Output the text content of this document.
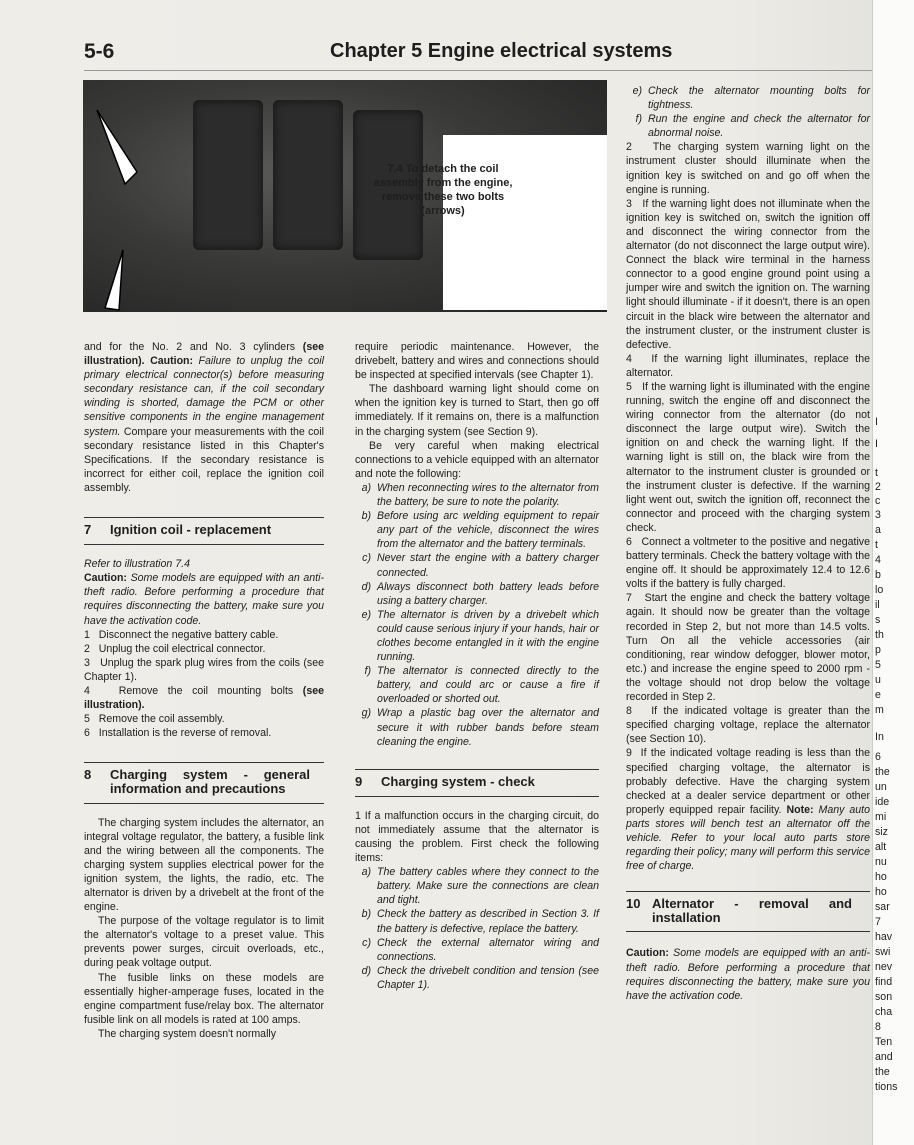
5-6	Chapter 5 Engine electrical systems
7.4 To detach the coil assembly from the engine, remove these two bolts (arrows)

and for the No. 2 and No. 3 cylinders (see illustration). Caution: Failure to unplug the coil primary electrical connector(s) before measuring secondary resistance can, if the coil secondary winding is shorted, damage the PCM or other sensitive components in the engine management system. Compare your measurements with the coil secondary resistance listed in this Chapter's Specifications. If the secondary resistance is incorrect for either coil, replace the ignition coil assembly.

7 Ignition coil - replacement

Refer to illustration 7.4

Caution: Some models are equipped with an anti-theft radio. Before performing a procedure that requires disconnecting the battery, make sure you have the activation code.

1 Disconnect the negative battery cable.

2 Unplug the coil electrical connector.

3 Unplug the spark plug wires from the coils (see Chapter 1).

4	Remove the coil mounting bolts (see illustration).

5 Remove the coil assembly.

6 Installation is the reverse of removal.

8 Charging system - general information and precautions

The charging system includes the alternator, an integral voltage regulator, the battery, a fusible link and the wiring between all the components. The charging system supplies electrical power for the ignition system, the lights, the radio, etc. The alternator is driven by a drivebelt at the front of the engine.

The purpose of the voltage regulator is to limit the alternator's voltage to a preset value. This prevents power surges, circuit overloads, etc., during peak voltage output.

The fusible links on these models are essentially higher-amperage fuses, located in the engine compartment fuse/relay box. The alternator fusible link on all models is rated at 100 amps.

The charging system doesn't normally

require periodic maintenance. However, the drivebelt, battery and wires and connections should be inspected at specified intervals (see Chapter 1).

The dashboard warning light should come on when the ignition key is turned to Start, then go off immediately. If it remains on, there is a malfunction in the charging system (see Section 9).

Be very careful when making electrical connections to a vehicle equipped with an alternator and note the following:

a) When reconnecting wires to the alternator from the battery, be sure to note the polarity.
b) Before using arc welding equipment to repair any part of the vehicle, disconnect the wires from the alternator and the battery terminals.
c) Never start the engine with a battery charger connected.
d) Always disconnect both battery leads before using a battery charger.
e) The alternator is driven by a drivebelt which could cause serious injury if your hands, hair or clothes become entangled in it with the engine running.
f) The alternator is connected directly to the battery, and could arc or cause a fire if overloaded or shorted out.
g) Wrap a plastic bag over the alternator and secure it with rubber bands before steam cleaning the engine.
9 Charging system - check

1 If a malfunction occurs in the charging circuit, do not immediately assume that the alternator is causing the problem. First check the following items:

a) The battery cables where they connect to the battery. Make sure the connections are clean and tight.
b) Check the battery as described in Section 3. If the battery is defective, replace the battery.
c) Check the external alternator wiring and connections.
d) Check the drivebelt condition and tension (see Chapter 1).
e) Check the alternator mounting bolts for tightness.
f) Run the engine and check the alternator for abnormal noise.

2 The charging system warning light on the instrument cluster should illuminate when the ignition key is switched on and go off when the engine is running.

3 If the warning light does not illuminate when the ignition key is switched on, switch the ignition off and disconnect the wiring connector from the alternator (do not disconnect the large output wire). Connect the black wire terminal in the harness connector to a good engine ground point using a jumper wire and switch the ignition on. The warning light should illuminate - if it doesn't, there is an open circuit in the black wire between the alternator and the instrument cluster, or the instrument cluster is defective.

4 If the warning light illuminates, replace the alternator.

5 If the warning light is illuminated with the engine running, switch the engine off and disconnect the wiring connector from the alternator (do not disconnect the large output wire). Switch the ignition on and check the warning light. If the warning light is still on, the black wire from the alternator to the instrument cluster is grounded or the instrument cluster is defective. If the warning light went out, switch the ignition off, reconnect the connector and proceed with the charging system check.

6 Connect a voltmeter to the positive and negative battery terminals. Check the battery voltage with the engine off. It should be approximately 12.4 to 12.6 volts if the battery is fully charged.

7 Start the engine and check the battery voltage again. It should now be greater than the voltage recorded in Step 2, but not more than 14.5 volts. Turn On all the vehicle accessories (air conditioning, rear window defogger, blower motor, etc.) and increase the engine speed to 2000 rpm - the voltage should not drop below the voltage recorded in Step 2.

8 If the indicated voltage is greater than the specified charging voltage, replace the alternator (see Section 10).

9 If the indicated voltage reading is less than the specified charging voltage, the alternator is probably defective. Have the charging system checked at a dealer service department or other properly equipped repair facility. Note: Many auto parts stores will bench test an alternator off the vehicle. Refer to your local auto parts store regarding their policy; many will perform this service free of charge.

10 Alternator - removal and installation

Caution: Some models are equipped with an anti-theft radio. Before performing a procedure that requires disconnecting the battery, make sure you have the activation code.

I
I
t
2
c
3
a
t
4
b
lo
il
s
th
p
5
u
e
m
In
6
the
un
ide
mi
siz
alt
nu
ho
ho
sar
7
hav
swi
nev
find
son
cha
8
Ten
and
the
tions
